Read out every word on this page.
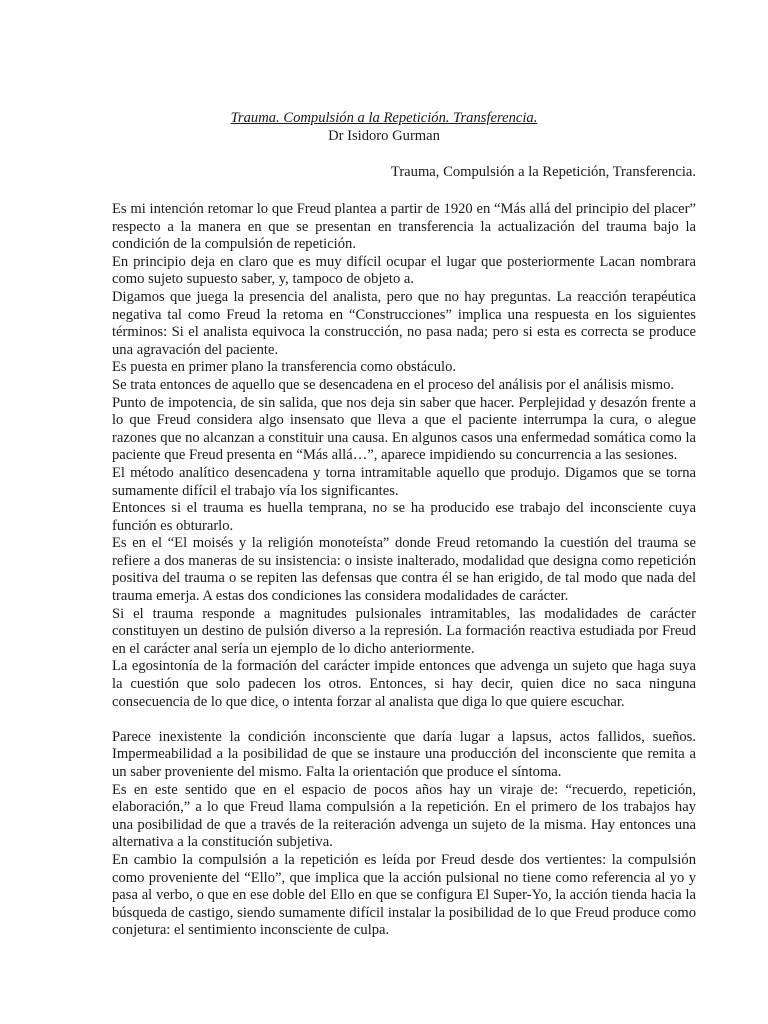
Trauma. Compulsión a la Repetición. Transferencia.
Dr Isidoro Gurman
Trauma, Compulsión a la Repetición, Transferencia.

Es mi intención retomar lo que Freud plantea a partir de 1920 en “Más allá del principio del placer” respecto a la manera en que se presentan en transferencia la actualización del trauma bajo la condición de la compulsión de repetición.

En principio deja en claro que es muy difícil ocupar el lugar que posteriormente Lacan nombrara como sujeto supuesto saber, y, tampoco de objeto a.

Digamos que juega la presencia del analista, pero que no hay preguntas. La reacción terapéutica negativa tal como Freud la retoma en “Construcciones” implica una respuesta en los siguientes términos: Si el analista equivoca la construcción, no pasa nada; pero si esta es correcta se produce una agravación del paciente.

Es puesta en primer plano la transferencia como obstáculo.

Se trata entonces de aquello que se desencadena en el proceso del análisis por el análisis mismo.

Punto de impotencia, de sin salida, que nos deja sin saber que hacer. Perplejidad y desazón frente a lo que Freud considera algo insensato que lleva a que el paciente interrumpa la cura, o alegue razones que no alcanzan a constituir una causa. En algunos casos una enfermedad somática como la paciente que Freud presenta en “Más allá…”, aparece impidiendo su concurrencia a las sesiones.

El método analítico desencadena y torna intramitable aquello que produjo. Digamos que se torna sumamente difícil el trabajo vía los significantes.

Entonces si el trauma es huella temprana, no se ha producido ese trabajo del inconsciente cuya función es obturarlo.

Es en el “El moisés y la religión monoteísta” donde Freud retomando la cuestión del trauma se refiere a dos maneras de su insistencia: o insiste inalterado, modalidad que designa como repetición positiva del trauma o se repiten las defensas que contra él se han erigido, de tal modo que nada del trauma emerja. A estas dos condiciones las considera modalidades de carácter.

Si el trauma responde a magnitudes pulsionales intramitables, las modalidades de carácter constituyen un destino de pulsión diverso a la represión. La formación reactiva estudiada por Freud en el carácter anal sería un ejemplo de lo dicho anteriormente.

La egosintonía de la formación del carácter impide entonces que advenga un sujeto que haga suya la cuestión que solo padecen los otros. Entonces, si hay decir, quien dice no saca ninguna consecuencia de lo que dice, o intenta forzar al analista que diga lo que quiere escuchar.

Parece inexistente la condición inconsciente que daría lugar a lapsus, actos fallidos, sueños. Impermeabilidad a la posibilidad de que se instaure una producción del inconsciente que remita a un saber proveniente del mismo. Falta la orientación que produce el síntoma.

Es en este sentido que en el espacio de pocos años hay un viraje de: “recuerdo, repetición, elaboración,” a lo que Freud llama compulsión a la repetición. En el primero de los trabajos hay una posibilidad de que a través de la reiteración advenga un sujeto de la misma. Hay entonces una alternativa a la constitución subjetiva.

En cambio la compulsión a la repetición es leída por Freud desde dos vertientes: la compulsión como proveniente del “Ello”, que implica que la acción pulsional no tiene como referencia al yo y pasa al verbo, o que en ese doble del Ello en que se configura El Super-Yo, la acción tienda hacia la búsqueda de castigo, siendo sumamente difícil instalar la posibilidad de lo que Freud produce como conjetura: el sentimiento inconsciente de culpa.
